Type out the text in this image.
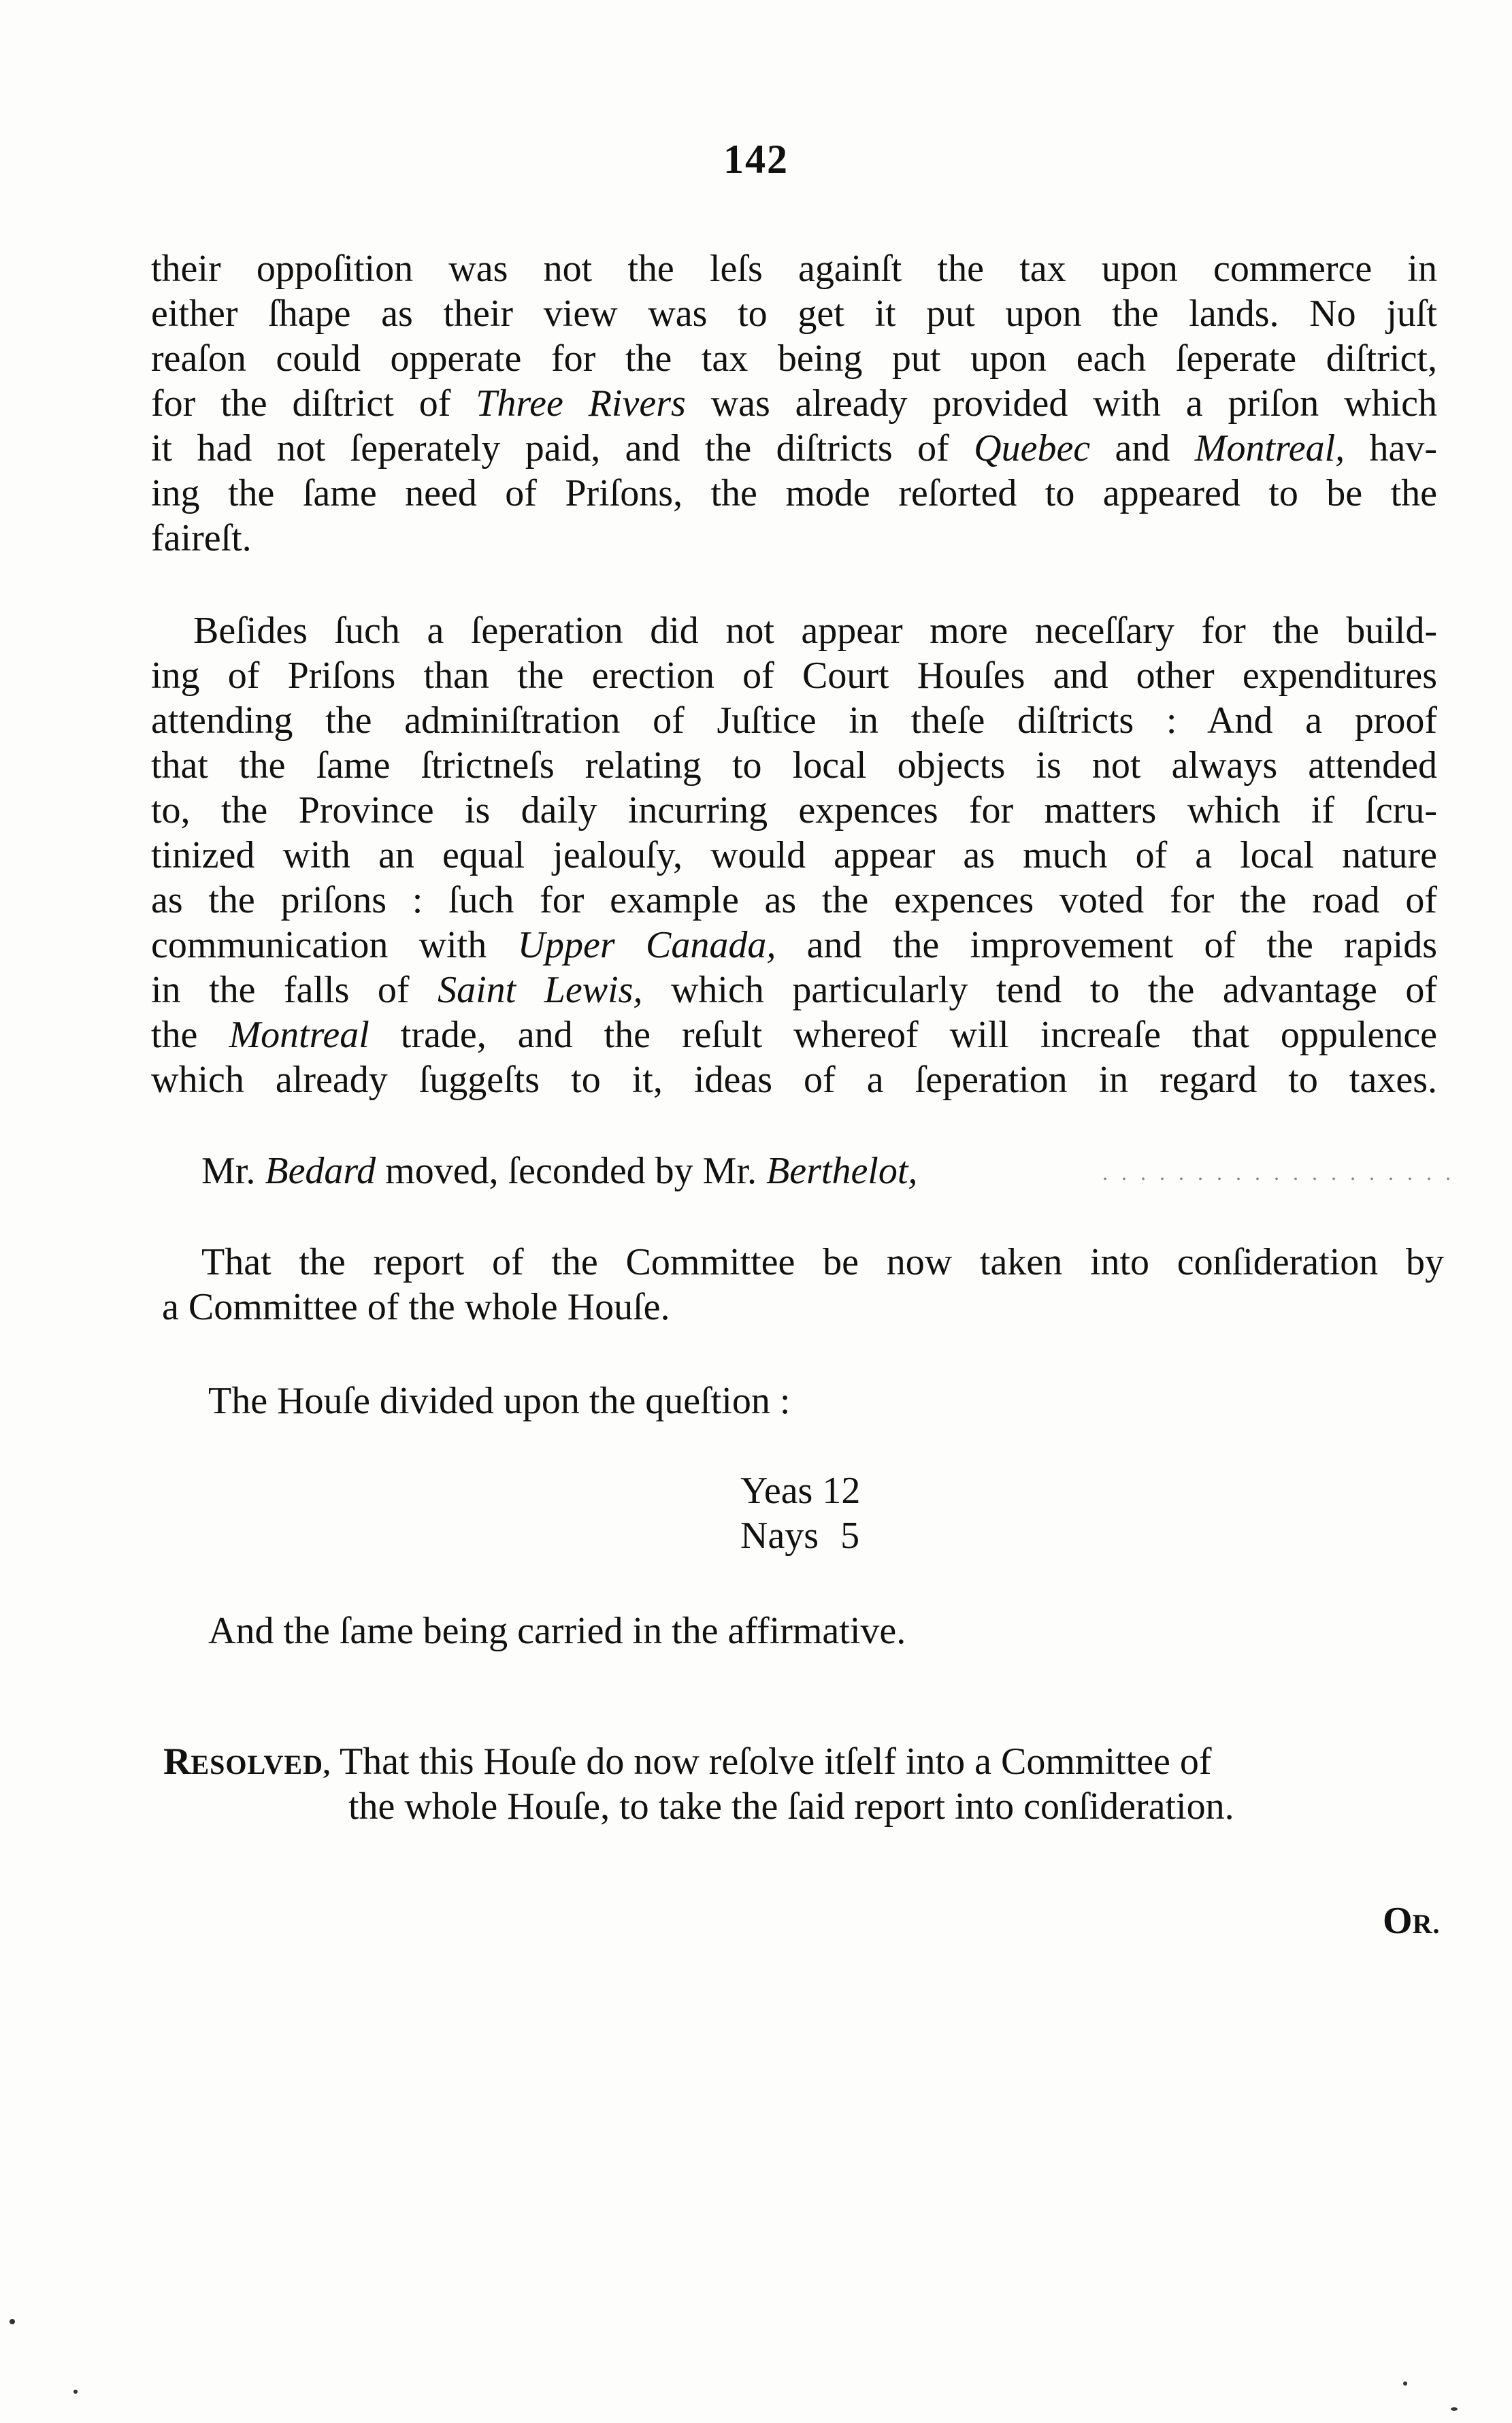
142
their oppoſition was not the leſs againſt the tax upon commerce in
either ſhape as their view was to get it put upon the lands. No juſt
reaſon could opperate for the tax being put upon each ſeperate diſtrict,
for the diſtrict of Three Rivers was already provided with a priſon which
it had not ſeperately paid, and the diſtricts of Quebec and Montreal, hav-
ing the ſame need of Priſons, the mode reſorted to appeared to be the
faireſt.
Beſides ſuch a ſeperation did not appear more neceſſary for the build-
ing of Priſons than the erection of Court Houſes and other expenditures
attending the adminiſtration of Juſtice in theſe diſtricts : And a proof
that the ſame ſtrictneſs relating to local objects is not always attended
to, the Province is daily incurring expences for matters which if ſcru-
tinized with an equal jealouſy, would appear as much of a local nature
as the priſons : ſuch for example as the expences voted for the road of
communication with Upper Canada, and the improvement of the rapids
in the falls of Saint Lewis, which particularly tend to the advantage of
the Montreal trade, and the reſult whereof will increaſe that oppulence
which already ſuggeſts to it, ideas of a ſeperation in regard to taxes.
Mr. Bedard moved, ſeconded by Mr. Berthelot,	. . . . . . . . . . . . . . . . . . .
That the report of the Committee be now taken into conſideration by
a Committee of the whole Houſe.
The Houſe divided upon the queſtion :
Yeas 12
Nays 5
And the ſame being carried in the affirmative.
RESOLVED, That this Houſe do now reſolve itſelf into a Committee of
the whole Houſe, to take the ſaid report into conſideration.
OR.
